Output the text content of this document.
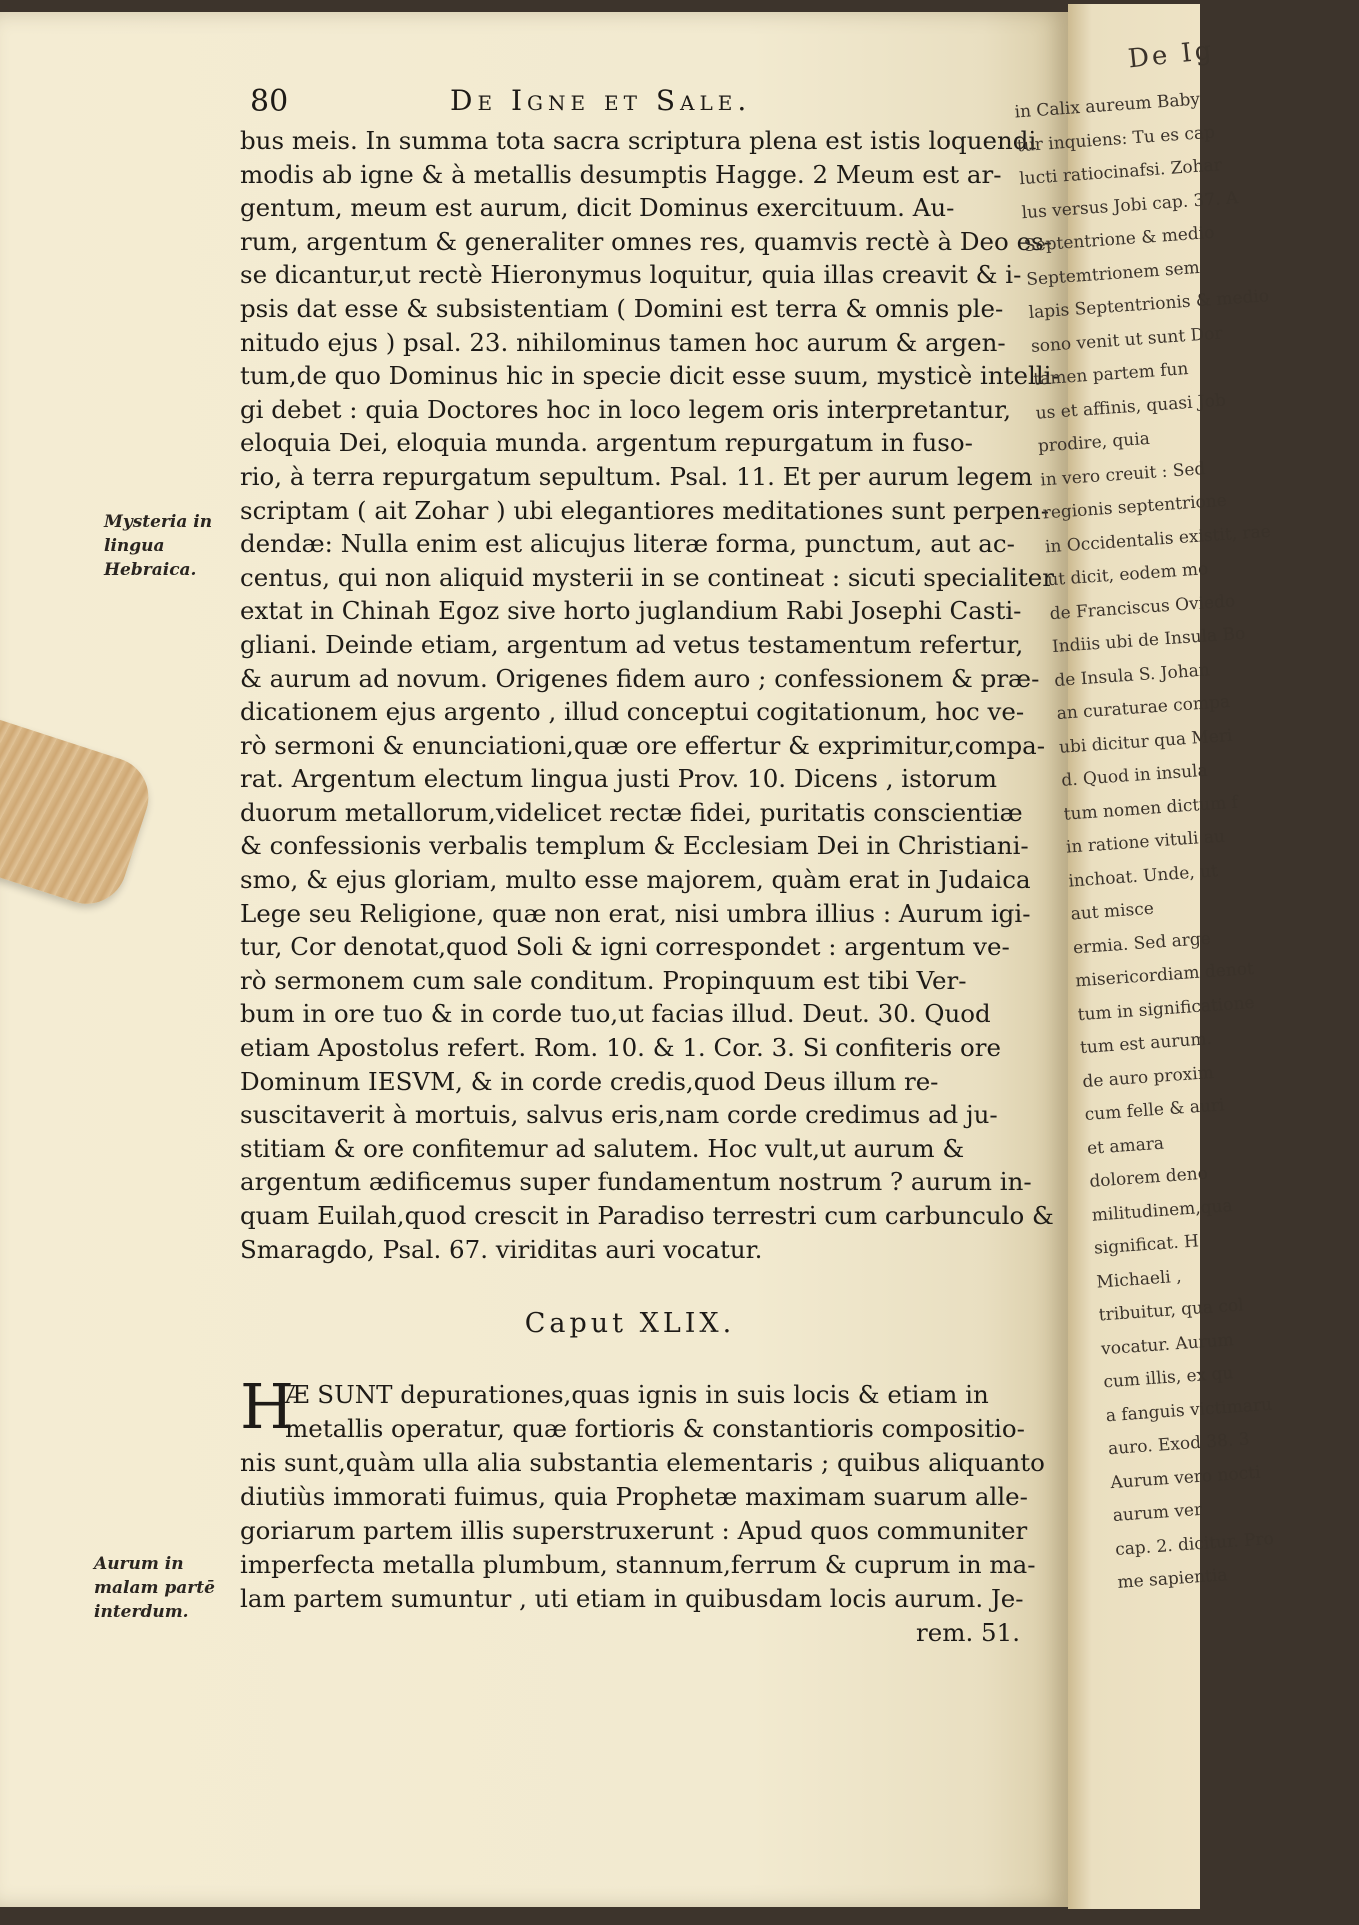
80	De Igne et Sale.
bus meis. In summa tota sacra scriptura plena est istis loquendi
modis ab igne & à metallis desumptis Hagge. 2 Meum est ar-
gentum, meum est aurum, dicit Dominus exercituum. Au-
rum, argentum & generaliter omnes res, quamvis rectè à Deo es-
se dicantur,ut rectè Hieronymus loquitur, quia illas creavit & i-
psis dat esse & subsistentiam ( Domini est terra & omnis ple-
nitudo ejus ) psal. 23. nihilominus tamen hoc aurum & argen-
tum,de quo Dominus hic in specie dicit esse suum, mysticè intelli-
gi debet : quia Doctores hoc in loco legem oris interpretantur,
eloquia Dei, eloquia munda. argentum repurgatum in fuso-
rio, à terra repurgatum sepultum. Psal. 11. Et per aurum legem
scriptam ( ait Zohar ) ubi elegantiores meditationes sunt perpen-
dendæ: Nulla enim est alicujus literæ forma, punctum, aut ac-
centus, qui non aliquid mysterii in se contineat : sicuti specialiter
extat in Chinah Egoz sive horto juglandium Rabi Josephi Casti-
gliani. Deinde etiam, argentum ad vetus testamentum refertur,
& aurum ad novum. Origenes fidem auro ; confessionem & præ-
dicationem ejus argento , illud conceptui cogitationum, hoc ve-
rò sermoni & enunciationi,quæ ore effertur & exprimitur,compa-
rat. Argentum electum lingua justi Prov. 10. Dicens , istorum
duorum metallorum,videlicet rectæ fidei, puritatis conscientiæ
& confessionis verbalis templum & Ecclesiam Dei in Christiani-
smo, & ejus gloriam, multo esse majorem, quàm erat in Judaica
Lege seu Religione, quæ non erat, nisi umbra illius : Aurum igi-
tur, Cor denotat,quod Soli & igni correspondet : argentum ve-
rò sermonem cum sale conditum. Propinquum est tibi Ver-
bum in ore tuo & in corde tuo,ut facias illud. Deut. 30. Quod
etiam Apostolus refert. Rom. 10. & 1. Cor. 3. Si confiteris ore
Dominum IESVM, & in corde credis,quod Deus illum re-
suscitaverit à mortuis, salvus eris,nam corde credimus ad ju-
stitiam & ore confitemur ad salutem. Hoc vult,ut aurum &
argentum ædificemus super fundamentum nostrum ? aurum in-
quam Euilah,quod crescit in Paradiso terrestri cum carbunculo &
Smaragdo, Psal. 67. viriditas auri vocatur.
Mysteria in lingua Hebraica.
Aurum in malam partē interdum.
Caput XLIX.
H
Æ SUNT depurationes,quas ignis in suis locis & etiam in
metallis operatur, quæ fortioris & constantioris compositio-
nis sunt,quàm ulla alia substantia elementaris ; quibus aliquanto
diutiùs immorati fuimus, quia Prophetæ maximam suarum alle-
goriarum partem illis superstruxerunt : Apud quos communiter
imperfecta metalla plumbum, stannum,ferrum & cuprum in ma-
lam partem sumuntur , uti etiam in quibusdam locis aurum. Je-
rem. 51.
De Ig
in Calix aureum Baby
tur inquiens: Tu es cap
lucti ratiocinafsi. Zohar
lus versus Jobi cap. 37. A
Septentrione & medio
Septemtrionem sem
lapis Septentrionis & medio
sono venit ut sunt Dor
tamen partem fun
us et affinis, quasi Job
prodire, quia
in vero creuit : Sed
regionis septentrione
in Occidentalis existit, rae
ut dicit, eodem mo
de Franciscus Oviedo
Indiis ubi de Insula Bo
de Insula S. Johan
an curaturae compa
ubi dicitur qua Meri
d. Quod in insula
tum nomen dictum f
in ratione vituli au
inchoat. Unde, ut
aut misce
ermia. Sed arge
misericordiam denot
tum in significatione
tum est aurum.
de auro proxim
cum felle & auri
et amara
dolorem deno
militudinem,qua
significat. H
Michaeli ,
tribuitur, qua col
vocatur. Aurum
cum illis, ex qu
a fanguis victimaru
auro. Exod 38. 3
Aurum vero nocti
aurum ver
cap. 2. dicitur. Pro
me sapientia
